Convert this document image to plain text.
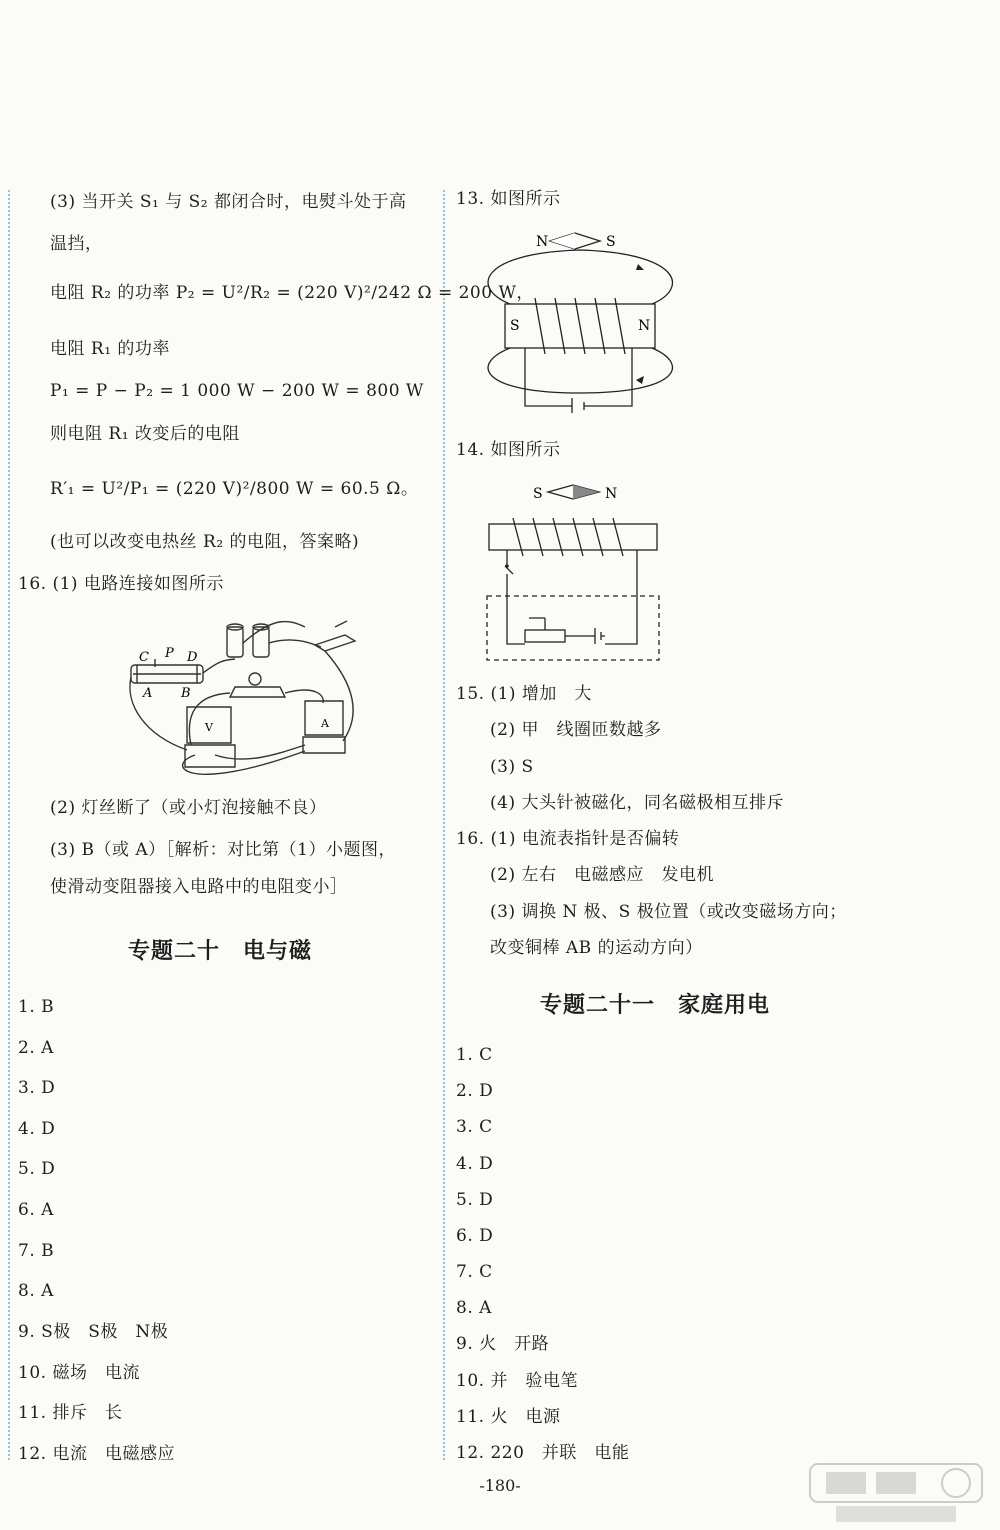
(3) 当开关 S₁ 与 S₂ 都闭合时，电熨斗处于高
温挡，
电阻 R₂ 的功率 P₂ = U²/R₂ = (220 V)²/242 Ω = 200 W，
电阻 R₁ 的功率
P₁ = P − P₂ = 1 000 W − 200 W = 800 W
则电阻 R₁ 改变后的电阻
R′₁ = U²/P₁ = (220 V)²/800 W = 60.5 Ω。
(也可以改变电热丝 R₂ 的电阻，答案略)
16. (1) 电路连接如图所示
C P D
A B
V	A
(2) 灯丝断了（或小灯泡接触不良）
(3) B（或 A）［解析：对比第（1）小题图，
使滑动变阻器接入电路中的电阻变小］
专题二十　电与磁
1. B
2. A
3. D
4. D
5. D
6. A
7. B
8. A
9. S极　S极　N极
10. 磁场　电流
11. 排斥　长
12. 电流　电磁感应
13. 如图所示
N	S
S	N
14. 如图所示
S	N
15. (1) 增加　大
(2) 甲　线圈匝数越多
(3) S
(4) 大头针被磁化，同名磁极相互排斥
16. (1) 电流表指针是否偏转
(2) 左右　电磁感应　发电机
(3) 调换 N 极、S 极位置（或改变磁场方向；
改变铜棒 AB 的运动方向）
专题二十一　家庭用电
1. C
2. D
3. C
4. D
5. D
6. D
7. C
8. A
9. 火　开路
10. 并　验电笔
11. 火　电源
12. 220　并联　电能
-180-
